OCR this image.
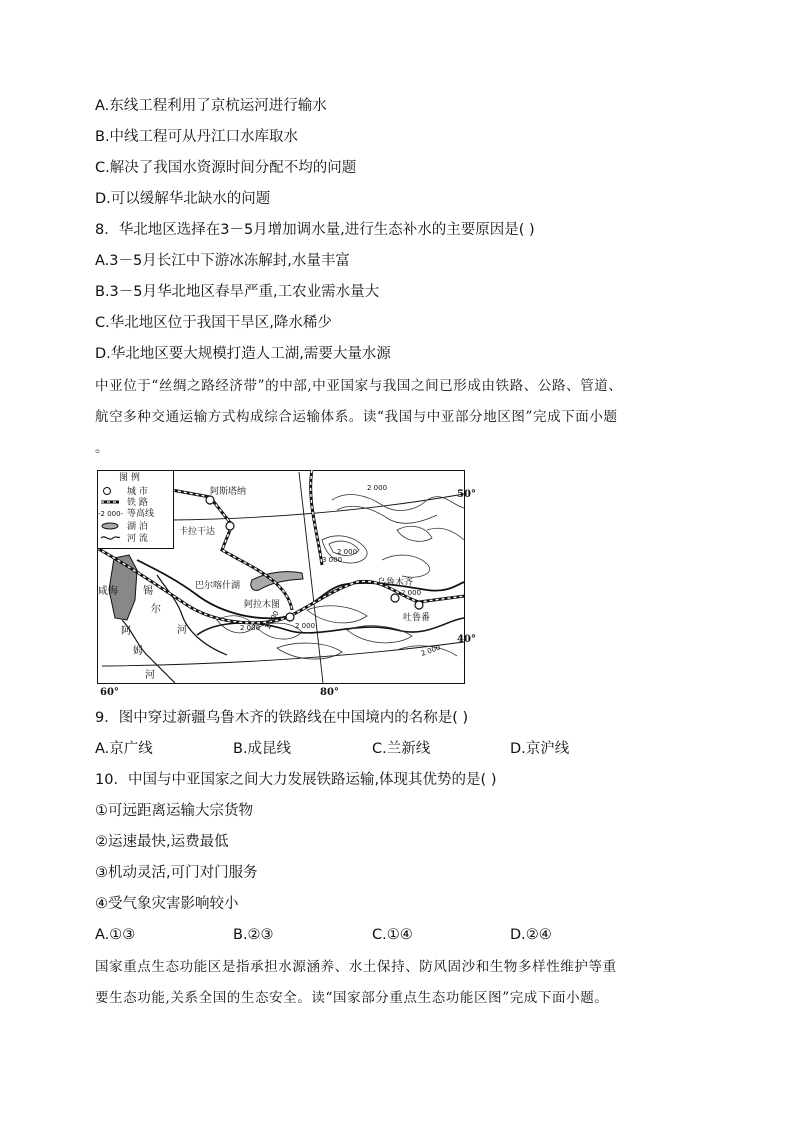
A.东线工程利用了京杭运河进行输水
B.中线工程可从丹江口水库取水
C.解决了我国水资源时间分配不均的问题
D.可以缓解华北缺水的问题
8．华北地区选择在3－5月增加调水量,进行生态补水的主要原因是( )
A.3－5月长江中下游冰冻解封,水量丰富
B.3－5月华北地区春旱严重,工农业需水量大
C.华北地区位于我国干旱区,降水稀少
D.华北地区要大规模打造人工湖,需要大量水源
中亚位于“丝绸之路经济带”的中部,中亚国家与我国之间已形成由铁路、公路、管道、
航空多种交通运输方式构成综合运输体系。读“我国与中亚部分地区图”完成下面小题
。
图 例
城 市
铁 路
-2 000- 等高线
湖 泊
河 流
阿斯塔纳
卡拉干达
阿拉木图
乌鲁木齐
吐鲁番
巴尔喀什湖
咸海	锡
尔
河
阿
姆
河
2 000
2 000
3 000
2 000
2 000 1 000 2 000
2 000
50°
40°
60°	80°
9．图中穿过新疆乌鲁木齐的铁路线在中国境内的名称是( )
A.京广线	B.成昆线	C.兰新线	D.京沪线
10．中国与中亚国家之间大力发展铁路运输,体现其优势的是( )
①可远距离运输大宗货物
②运速最快,运费最低
③机动灵活,可门对门服务
④受气象灾害影响较小
A.①③	B.②③	C.①④	D.②④
国家重点生态功能区是指承担水源涵养、水土保持、防风固沙和生物多样性维护等重
要生态功能,关系全国的生态安全。读“国家部分重点生态功能区图”完成下面小题。
